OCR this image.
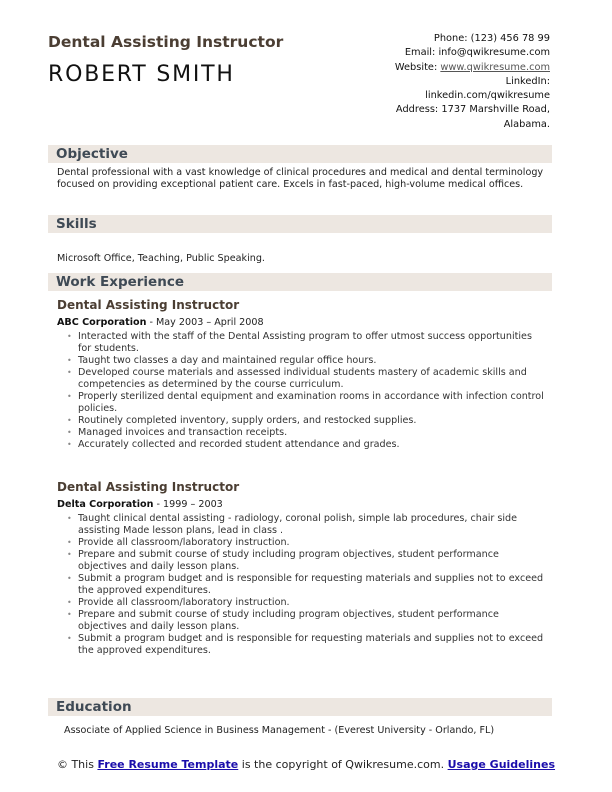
Dental Assisting Instructor
ROBERT SMITH
Phone: (123) 456 78 99
Email: info@qwikresume.com
Website: www.qwikresume.com
LinkedIn:
linkedin.com/qwikresume
Address: 1737 Marshville Road,
Alabama.
Objective
Dental professional with a vast knowledge of clinical procedures and medical and dental terminology focused on providing exceptional patient care. Excels in fast-paced, high-volume medical offices.
Skills
Microsoft Office, Teaching, Public Speaking.
Work Experience
Dental Assisting Instructor
ABC Corporation - May 2003 – April 2008
• Interacted with the staff of the Dental Assisting program to offer utmost success opportunities for students.
• Taught two classes a day and maintained regular office hours.
• Developed course materials and assessed individual students mastery of academic skills and competencies as determined by the course curriculum.
• Properly sterilized dental equipment and examination rooms in accordance with infection control policies.
• Routinely completed inventory, supply orders, and restocked supplies.
• Managed invoices and transaction receipts.
• Accurately collected and recorded student attendance and grades.
Dental Assisting Instructor
Delta Corporation - 1999 – 2003
• Taught clinical dental assisting - radiology, coronal polish, simple lab procedures, chair side assisting Made lesson plans, lead in class .
• Provide all classroom/laboratory instruction.
• Prepare and submit course of study including program objectives, student performance objectives and daily lesson plans.
• Submit a program budget and is responsible for requesting materials and supplies not to exceed the approved expenditures.
• Provide all classroom/laboratory instruction.
• Prepare and submit course of study including program objectives, student performance objectives and daily lesson plans.
• Submit a program budget and is responsible for requesting materials and supplies not to exceed the approved expenditures.
Education
Associate of Applied Science in Business Management - (Everest University - Orlando, FL)
© This Free Resume Template is the copyright of Qwikresume.com. Usage Guidelines
